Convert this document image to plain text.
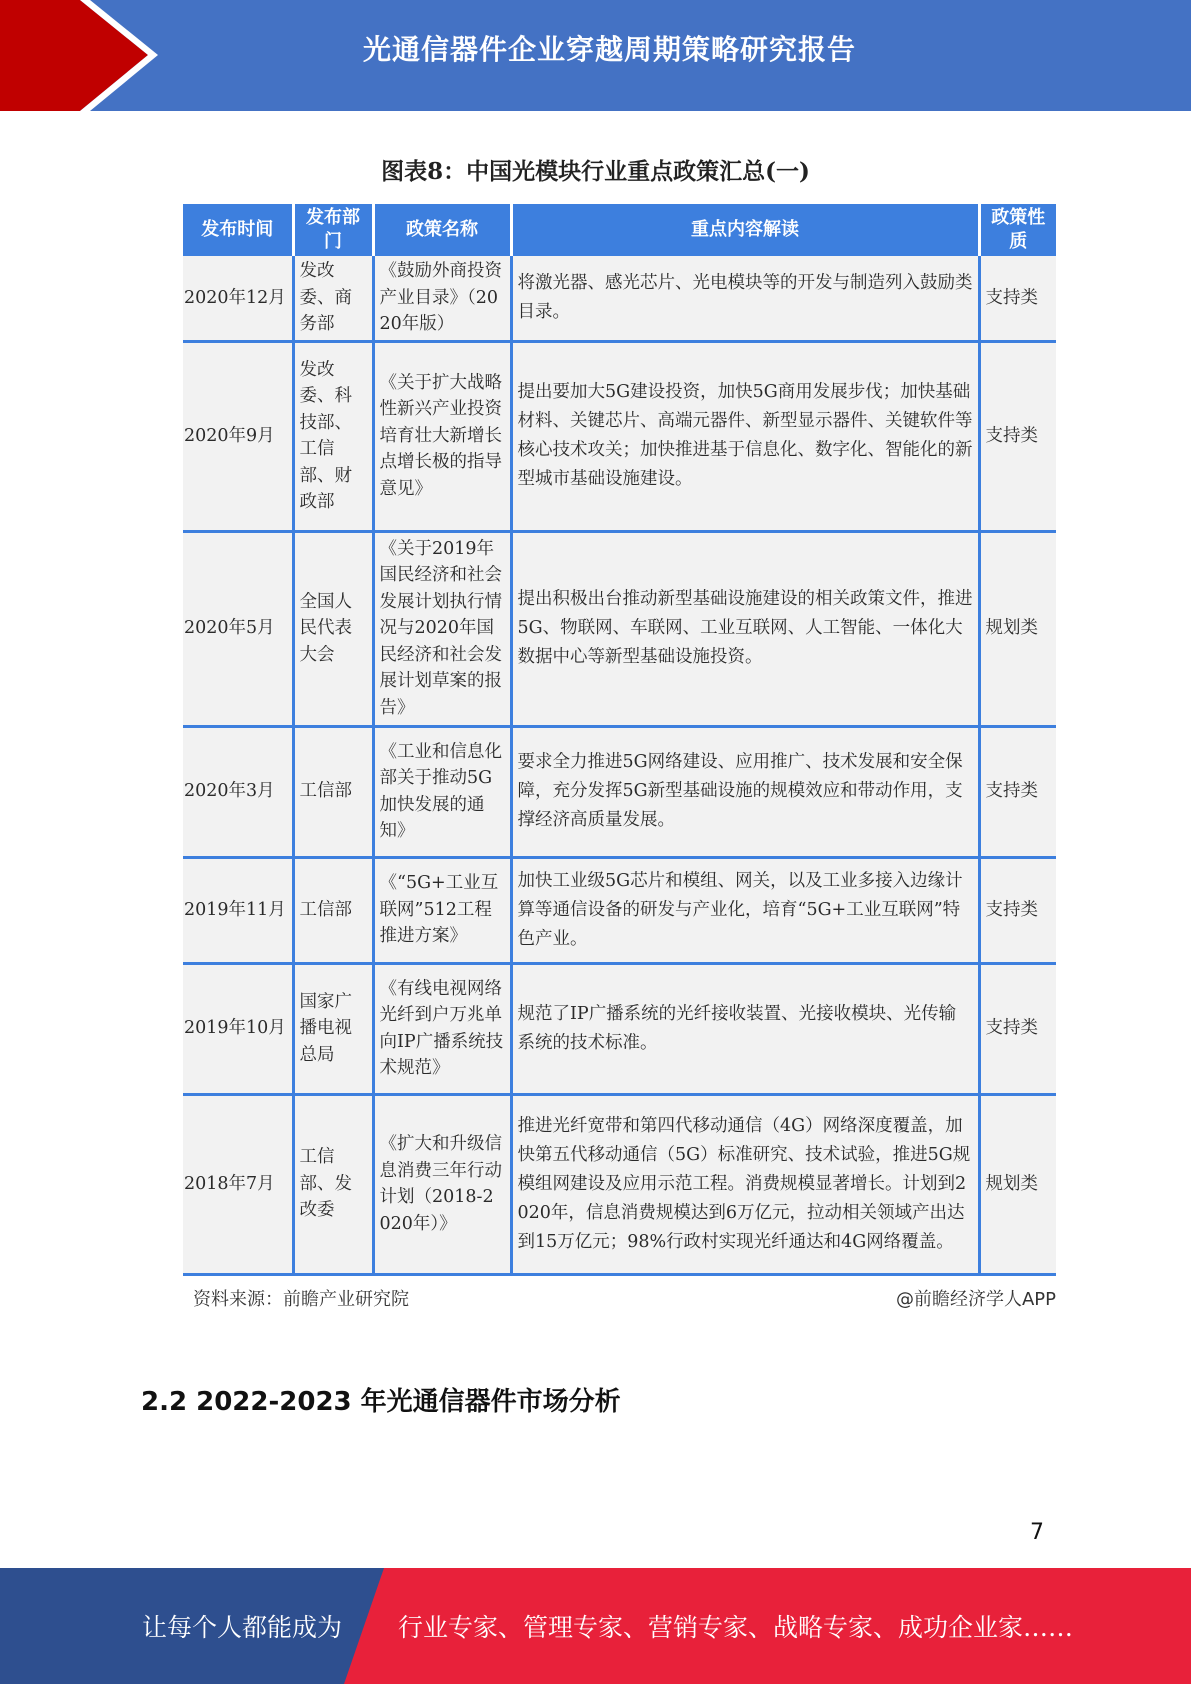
光通信器件企业穿越周期策略研究报告
图表8：中国光模块行业重点政策汇总(一)
发布时间	发布部门	政策名称	重点内容解读	政策性质
2020年12月	发改委、商务部	《鼓励外商投资产业目录》（2020年版）	将激光器、感光芯片、光电模块等的开发与制造列入鼓励类目录。	支持类
2020年9月	发改委、科技部、工信部、财政部	《关于扩大战略性新兴产业投资培育壮大新增长点增长极的指导意见》	提出要加大5G建设投资，加快5G商用发展步伐；加快基础材料、关键芯片、高端元器件、新型显示器件、关键软件等核心技术攻关；加快推进基于信息化、数字化、智能化的新型城市基础设施建设。	支持类
2020年5月	全国人民代表大会	《关于2019年国民经济和社会发展计划执行情况与2020年国民经济和社会发展计划草案的报告》	提出积极出台推动新型基础设施建设的相关政策文件，推进5G、物联网、车联网、工业互联网、人工智能、一体化大数据中心等新型基础设施投资。	规划类
2020年3月	工信部	《工业和信息化部关于推动5G加快发展的通知》	要求全力推进5G网络建设、应用推广、技术发展和安全保障，充分发挥5G新型基础设施的规模效应和带动作用，支撑经济高质量发展。	支持类
2019年11月	工信部	《“5G+工业互联网”512工程推进方案》	加快工业级5G芯片和模组、网关，以及工业多接入边缘计算等通信设备的研发与产业化，培育“5G+工业互联网”特色产业。	支持类
2019年10月	国家广播电视总局	《有线电视网络光纤到户万兆单向IP广播系统技术规范》	规范了IP广播系统的光纤接收装置、光接收模块、光传输系统的技术标准。	支持类
2018年7月	工信部、发改委	《扩大和升级信息消费三年行动计划（2018-2020年）》	推进光纤宽带和第四代移动通信（4G）网络深度覆盖，加快第五代移动通信（5G）标准研究、技术试验，推进5G规模组网建设及应用示范工程。消费规模显著增长。计划到2020年，信息消费规模达到6万亿元，拉动相关领域产出达到15万亿元；98%行政村实现光纤通达和4G网络覆盖。	规划类
资料来源：前瞻产业研究院	@前瞻经济学人APP
2.2 2022-2023 年光通信器件市场分析
7
让每个人都能成为 行业专家、管理专家、营销专家、战略专家、成功企业家……
